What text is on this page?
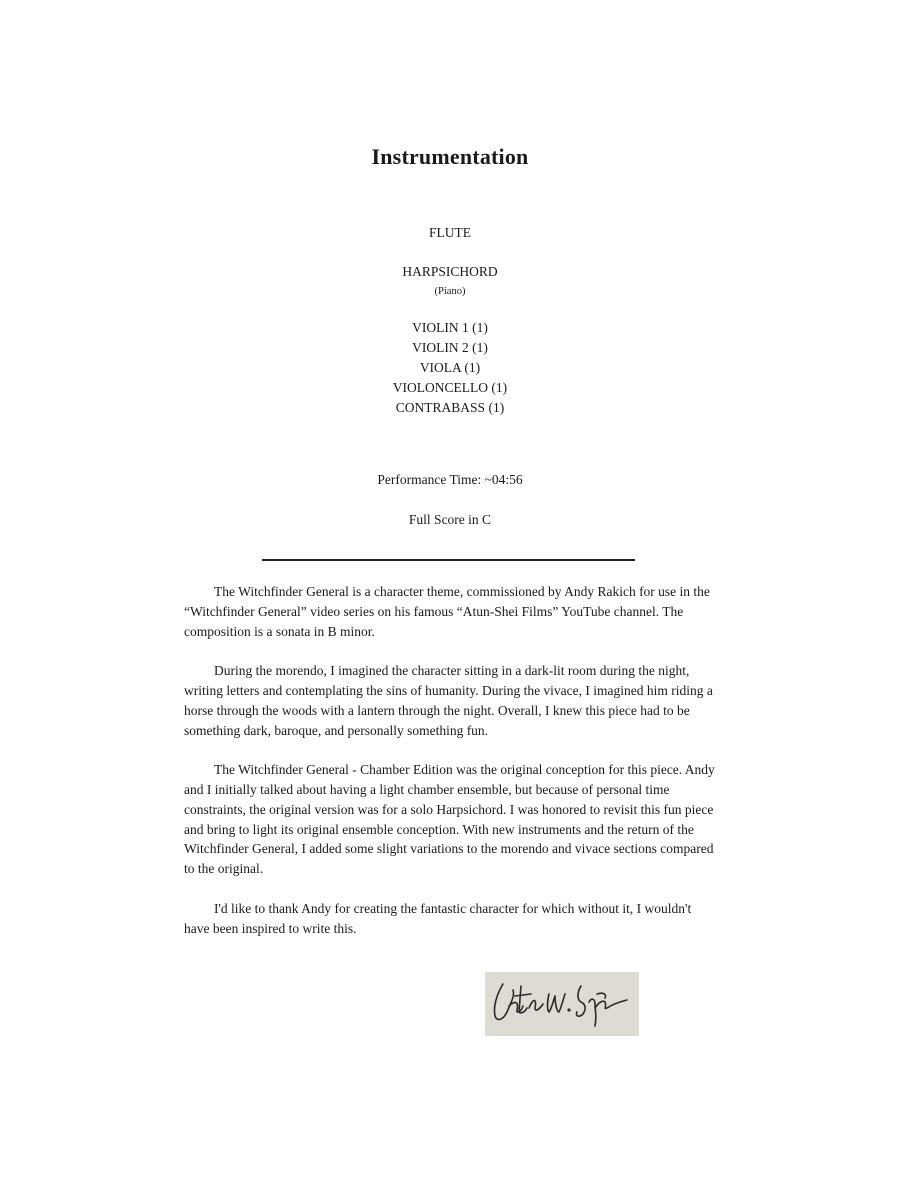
Instrumentation
FLUTE
HARPSICHORD
(Piano)
VIOLIN 1 (1)
VIOLIN 2 (1)
VIOLA (1)
VIOLONCELLO (1)
CONTRABASS (1)
Performance Time: ~04:56
Full Score in C

The Witchfinder General is a character theme, commissioned by Andy Rakich for use in the “Witchfinder General” video series on his famous “Atun-Shei Films” YouTube channel. The composition is a sonata in B minor.

During the morendo, I imagined the character sitting in a dark-lit room during the night, writing letters and contemplating the sins of humanity. During the vivace, I imagined him riding a horse through the woods with a lantern through the night. Overall, I knew this piece had to be something dark, baroque, and personally something fun.

The Witchfinder General - Chamber Edition was the original conception for this piece. Andy and I initially talked about having a light chamber ensemble, but because of personal time constraints, the original version was for a solo Harpsichord. I was honored to revisit this fun piece and bring to light its original ensemble conception. With new instruments and the return of the Witchfinder General, I added some slight variations to the morendo and vivace sections compared to the original.

I'd like to thank Andy for creating the fantastic character for which without it, I wouldn't have been inspired to write this.
